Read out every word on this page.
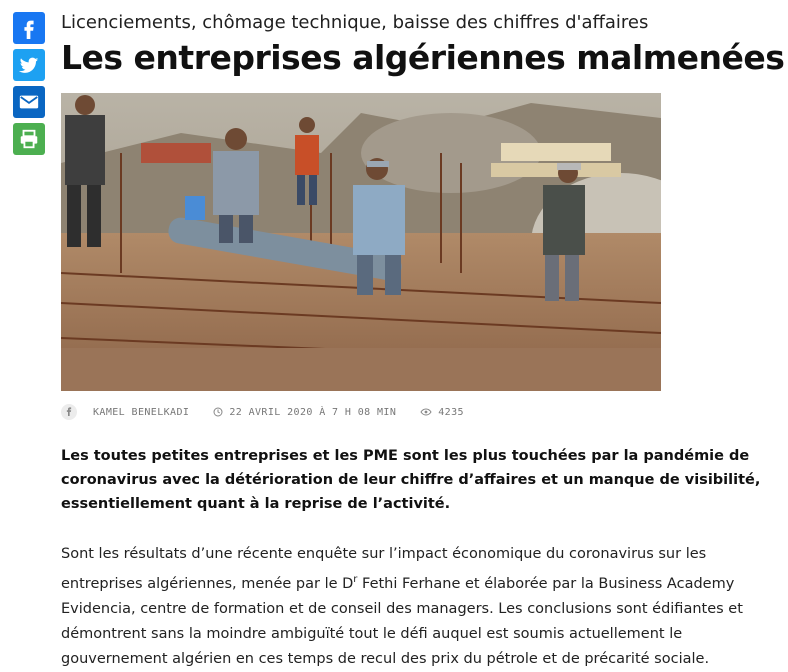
Licenciements, chômage technique, baisse des chiffres d'affaires
Les entreprises algériennes malmenées
KAMEL BENELKADI	22 AVRIL 2020 À 7 H 08 MIN	4235

Les toutes petites entreprises et les PME sont les plus touchées par la pandémie de coronavirus avec la détérioration de leur chiffre d’affaires et un manque de visibilité, essentiellement quant à la reprise de l’activité.

Sont les résultats d’une récente enquête sur l’impact économique du coronavirus sur les entreprises algériennes, menée par le $D^r$ Fethi Ferhane et élaborée par la Business Academy Evidencia, centre de formation et de conseil des managers. Les conclusions sont édifiantes et démontrent sans la moindre ambiguïté tout le défi auquel est soumis actuellement le gouvernement algérien en ces temps de recul des prix du pétrole et de précarité sociale.
